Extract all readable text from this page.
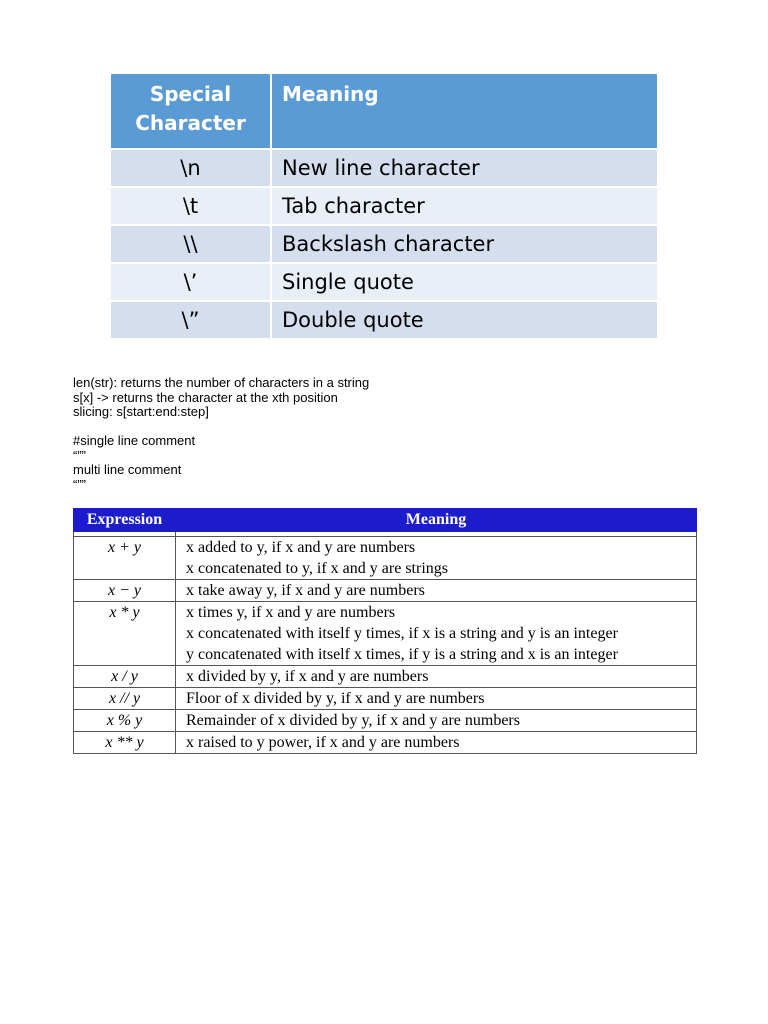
Special
Character	Meaning
\n	New line character
\t	Tab character
\\	Backslash character
\’	Single quote
\”	Double quote
len(str): returns the number of characters in a string
s[x] -> returns the character at the xth position
slicing: s[start:end:step]
#single line comment
“””
multi line comment
“””
Expression	Meaning

x + y	x added to y, if x and y are numbers
x concatenated to y, if x and y are strings

x − y	x take away y, if x and y are numbers

x * y	x times y, if x and y are numbers
x concatenated with itself y times, if x is a string and y is an integer
y concatenated with itself x times, if y is a string and x is an integer

x / y	x divided by y, if x and y are numbers

x // y	Floor of x divided by y, if x and y are numbers

x % y	Remainder of x divided by y, if x and y are numbers

x ** y	x raised to y power, if x and y are numbers
